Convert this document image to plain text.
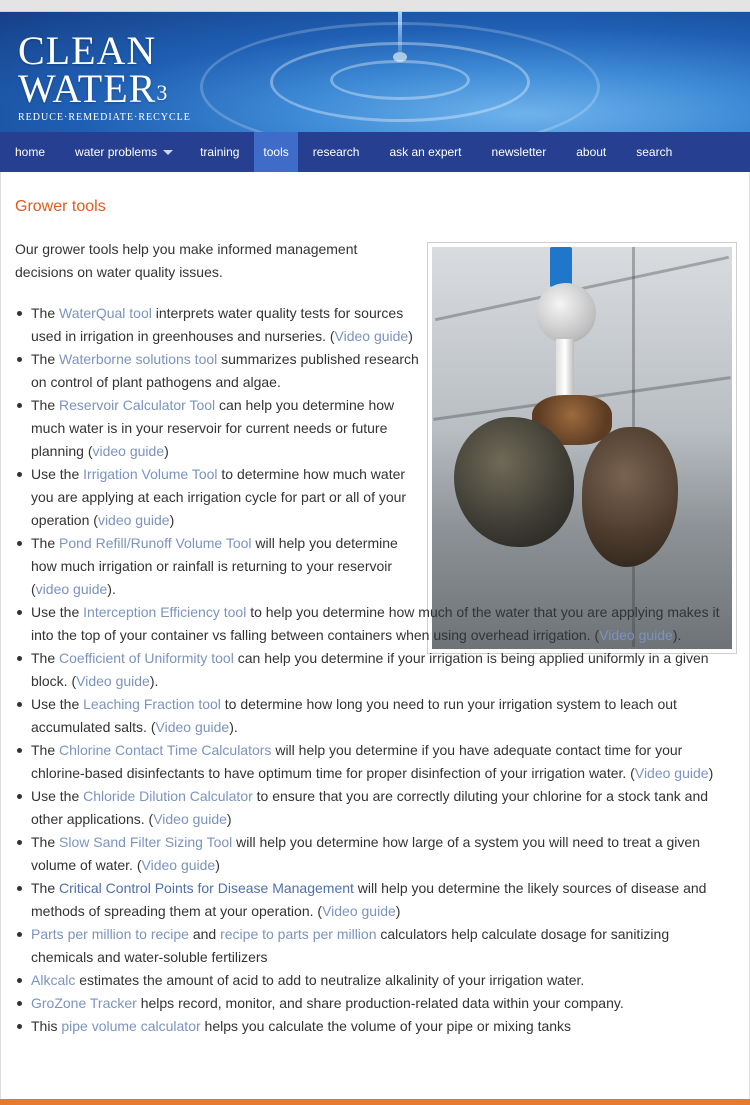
CLEAN
WATER$^3$
REDUCE·REMEDIATE·RECYCLE
home	water problems	training tools research	ask an expert	newsletter	about	search
Grower tools

Our grower tools help you make informed management decisions on water quality issues.

The WaterQual tool interprets water quality tests for sources used in irrigation in greenhouses and nurseries. (Video guide)
The Waterborne solutions tool summarizes published research on control of plant pathogens and algae.
The Reservoir Calculator Tool can help you determine how much water is in your reservoir for current needs or future planning (video guide)
Use the Irrigation Volume Tool to determine how much water you are applying at each irrigation cycle for part or all of your operation (video guide)
The Pond Refill/Runoff Volume Tool will help you determine how much irrigation or rainfall is returning to your reservoir (video guide).
Use the Interception Efficiency tool to help you determine how much of the water that you are applying makes it into the top of your container vs falling between containers when using overhead irrigation. (Video guide).
The Coefficient of Uniformity tool can help you determine if your irrigation is being applied uniformly in a given block. (Video guide).
Use the Leaching Fraction tool to determine how long you need to run your irrigation system to leach out accumulated salts. (Video guide).
The Chlorine Contact Time Calculators will help you determine if you have adequate contact time for your chlorine-based disinfectants to have optimum time for proper disinfection of your irrigation water. (Video guide)
Use the Chloride Dilution Calculator to ensure that you are correctly diluting your chlorine for a stock tank and other applications. (Video guide)
The Slow Sand Filter Sizing Tool will help you determine how large of a system you will need to treat a given volume of water. (Video guide)
The Critical Control Points for Disease Management will help you determine the likely sources of disease and methods of spreading them at your operation. (Video guide)
Parts per million to recipe and recipe to parts per million calculators help calculate dosage for sanitizing chemicals and water-soluble fertilizers
Alkcalc estimates the amount of acid to add to neutralize alkalinity of your irrigation water.
GroZone Tracker helps record, monitor, and share production-related data within your company.
This pipe volume calculator helps you calculate the volume of your pipe or mixing tanks
